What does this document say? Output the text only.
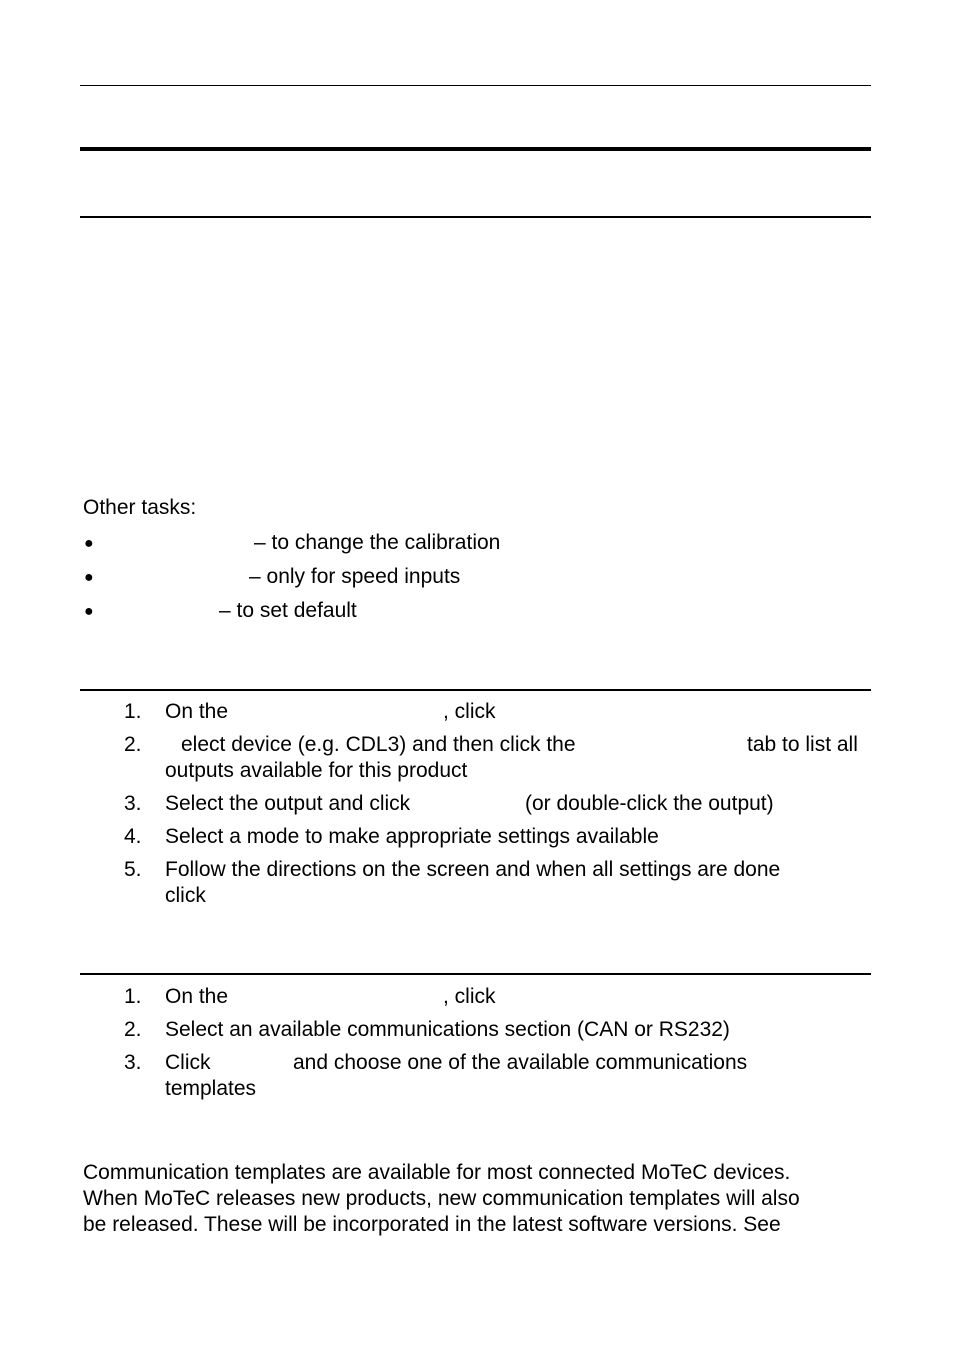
Other tasks:
●	– to change the calibration
●	– only for speed inputs
●	– to set default
1. On the	, click
2. elect device (e.g. CDL3) and then click the	tab to list all
outputs available for this product
3. Select the output and click	(or double-click the output)
4. Select a mode to make appropriate settings available
5. Follow the directions on the screen and when all settings are done
click
1. On the	, click
2. Select an available communications section (CAN or RS232)
3. Click	and choose one of the available communications
templates
Communication templates are available for most connected MoTeC devices.
When MoTeC releases new products, new communication templates will also
be released. These will be incorporated in the latest software versions. See
